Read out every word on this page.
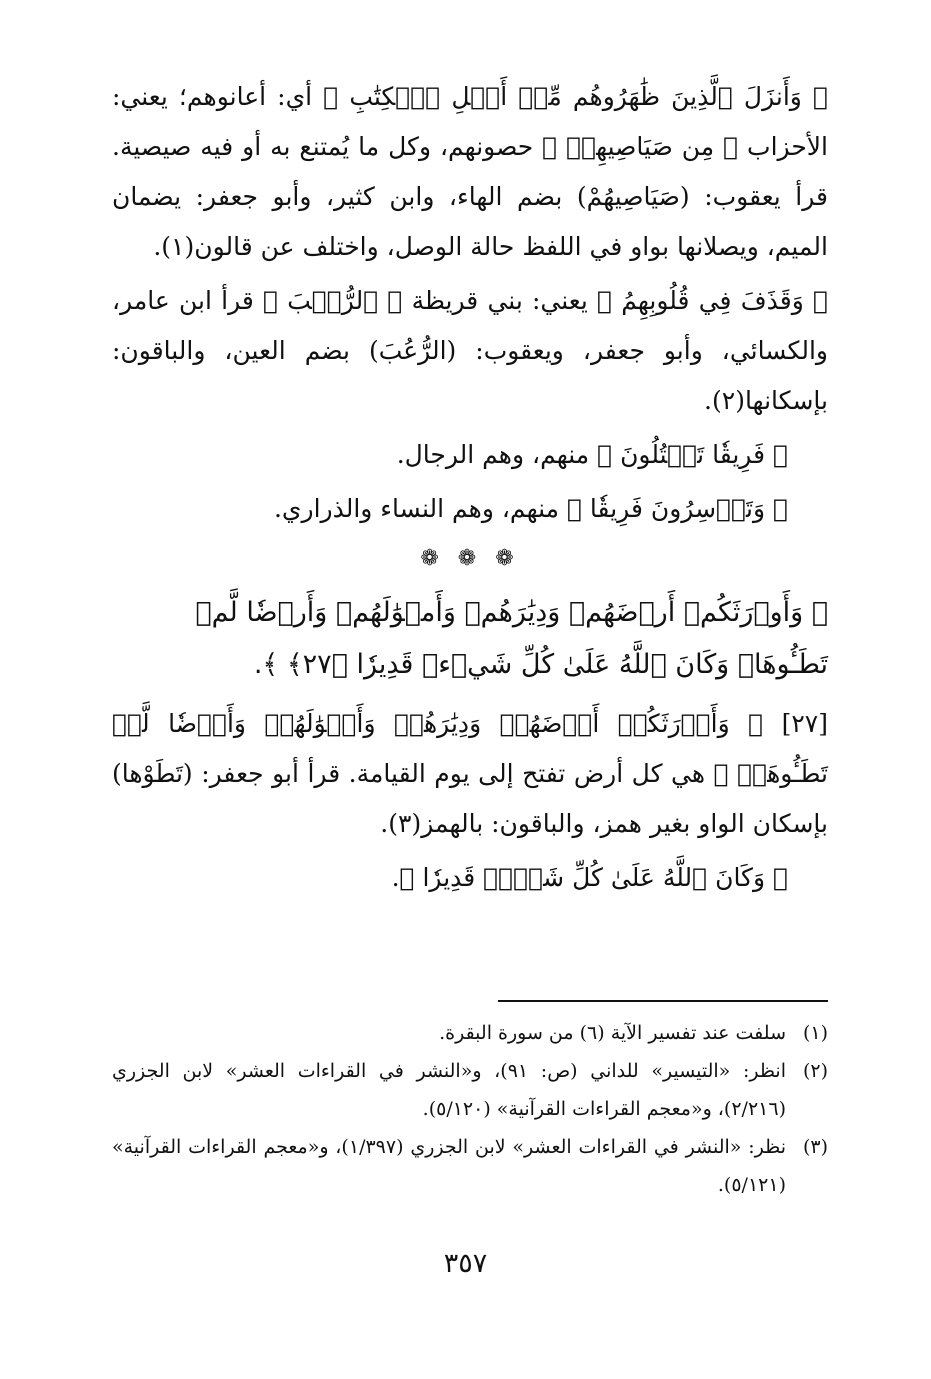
﴿ وَأَنزَلَ ٱلَّذِينَ ظَٰهَرُوهُم مِّنۡ أَهۡلِ ٱلۡكِتَٰبِ ﴾ أي: أعانوهم؛ يعني: الأحزاب ﴿ مِن صَيَاصِيهِمۡ ﴾ حصونهم، وكل ما يُمتنع به أو فيه صيصية. قرأ يعقوب: (صَيَاصِيهُمْ) بضم الهاء، وابن كثير، وأبو جعفر: يضمان الميم، ويصلانها بواو في اللفظ حالة الوصل، واختلف عن قالون(١).

﴿ وَقَذَفَ فِي قُلُوبِهِمُ ﴾ يعني: بني قريظة ﴿ ٱلرُّعۡبَ ﴾ قرأ ابن عامر، والكسائي، وأبو جعفر، ويعقوب: (الرُّعُبَ) بضم العين، والباقون: بإسكانها(٢).

﴿ فَرِيقٗا تَقۡتُلُونَ ﴾ منهم، وهم الرجال.

﴿ وَتَأۡسِرُونَ فَرِيقٗا ﴾ منهم، وهم النساء والذراري.

❁ ❁ ❁

﴿ وَأَوۡرَثَكُمۡ أَرۡضَهُمۡ وَدِيَٰرَهُمۡ وَأَمۡوَٰلَهُمۡ وَأَرۡضٗا لَّمۡ تَطَـُٔوهَاۚ وَكَانَ ٱللَّهُ عَلَىٰ كُلِّ شَيۡءٖ قَدِيرٗا ﴿٢٧﴾ ﴾.

[٢٧] ﴿ وَأَوۡرَثَكُمۡ أَرۡضَهُمۡ وَدِيَٰرَهُمۡ وَأَمۡوَٰلَهُمۡ وَأَرۡضٗا لَّمۡ تَطَـُٔوهَاۚ ﴾ هي كل أرض تفتح إلى يوم القيامة. قرأ أبو جعفر: (تَطَوْها) بإسكان الواو بغير همز، والباقون: بالهمز(٣).

﴿ وَكَانَ ٱللَّهُ عَلَىٰ كُلِّ شَيۡءٖ قَدِيرٗا ﴾.

(١)
سلفت عند تفسير الآية (٦) من سورة البقرة.
(٢)
انظر: «التيسير» للداني (ص: ٩١)، و«النشر في القراءات العشر» لابن الجزري (٢/٢١٦)، و«معجم القراءات القرآنية» (٥/١٢٠).
(٣)
نظر: «النشر في القراءات العشر» لابن الجزري (١/٣٩٧)، و«معجم القراءات القرآنية» (٥/١٢١).
٣٥٧
